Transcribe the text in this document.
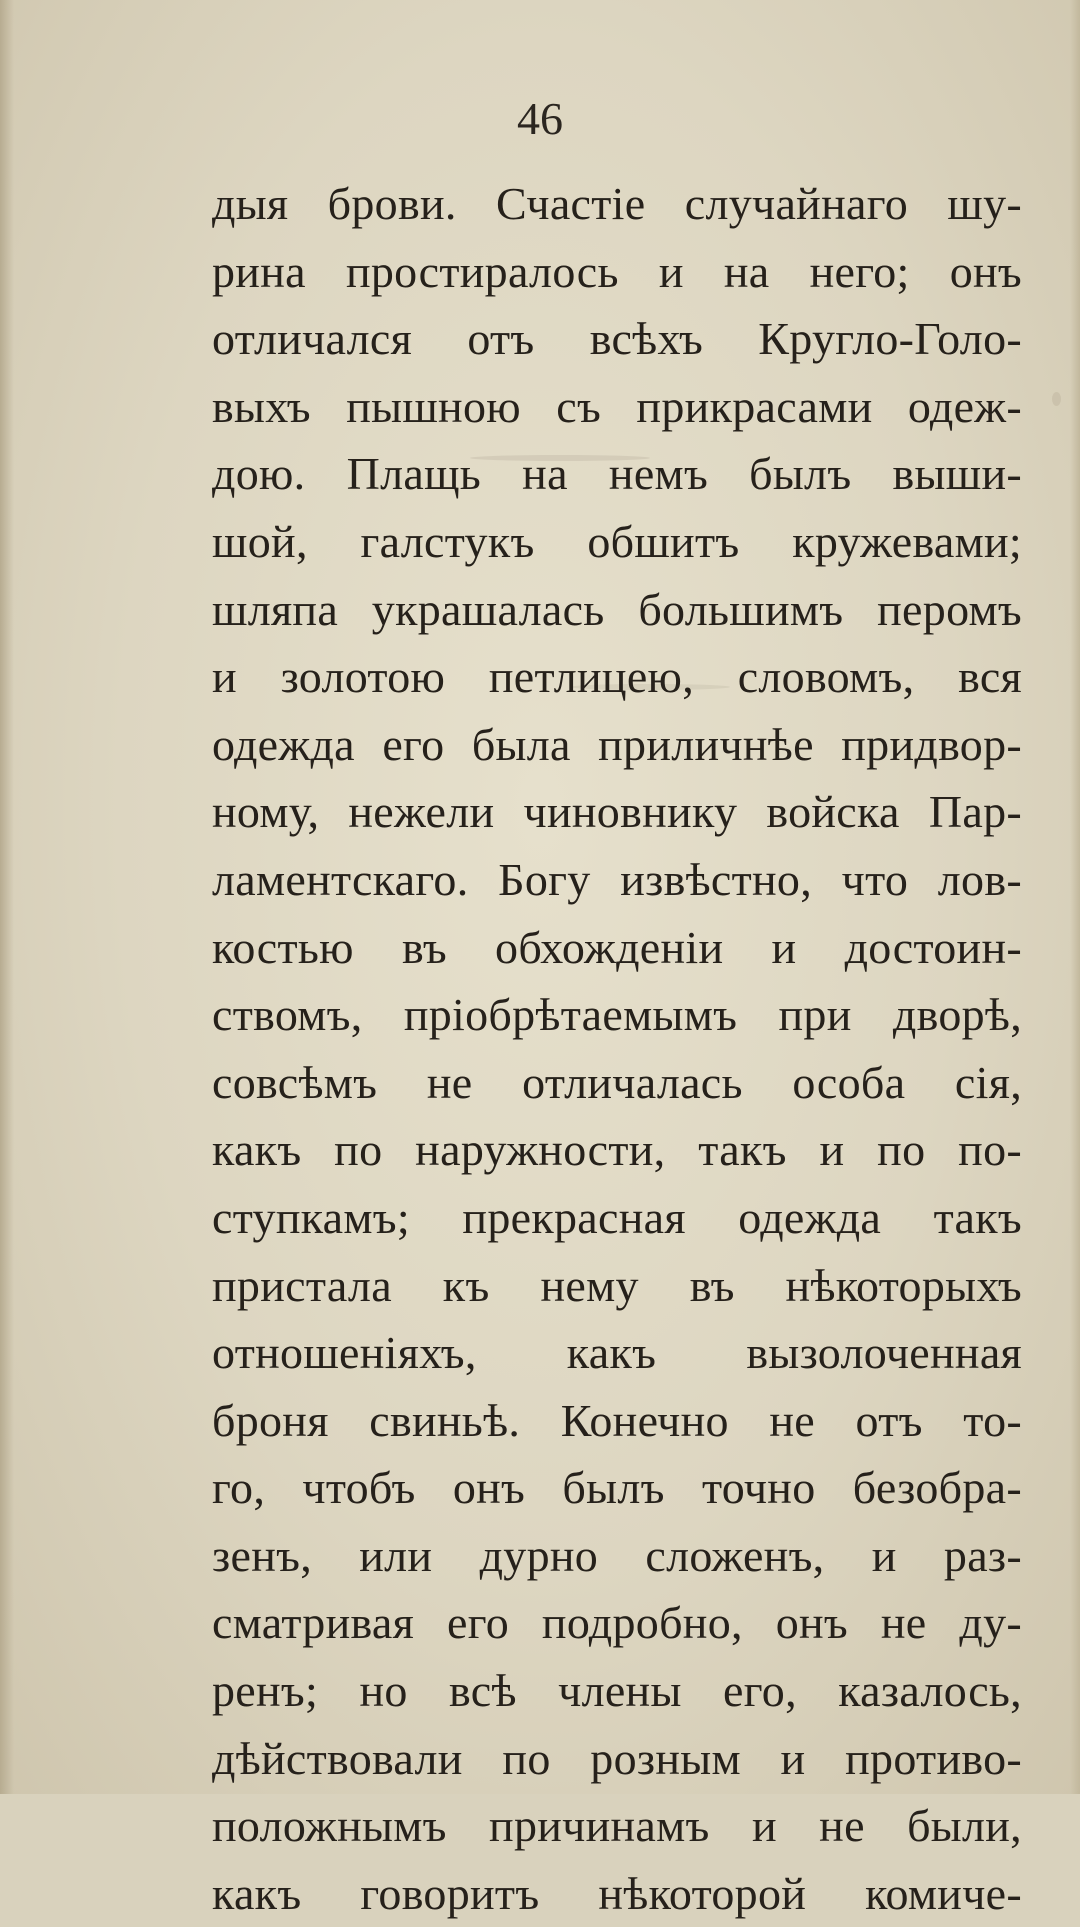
46
дыя брови. Счастіе случайнаго шу-
рина простиралось и на него; онъ
отличался отъ всѣхъ Кругло-Голо-
выхъ пышною съ прикрасами одеж-
дою. Плащь на немъ былъ выши-
шой, галстукъ обшитъ кружевами;
шляпа украшалась большимъ перомъ
и золотою петлицею, словомъ, вся
одежда его была приличнѣе придвор-
ному, нежели чиновнику войска Пар-
ламентскаго. Богу извѣстно, что лов-
костью въ обхожденіи и достоин-
ствомъ, пріобрѣтаемымъ при дворѣ,
совсѣмъ не отличалась особа сія,
какъ по наружности, такъ и по по-
ступкамъ; прекрасная одежда такъ
пристала къ нему въ нѣкоторыхъ
отношеніяхъ, какъ вызолоченная
броня свиньѣ. Конечно не отъ то-
го, чтобъ онъ былъ точно безобра-
зенъ, или дурно сложенъ, и раз-
сматривая его подробно, онъ не ду-
ренъ; но всѣ члены его, казалось,
дѣйствовали по розным и противо-
положнымъ причинамъ и не были,
какъ говоритъ нѣкоторой комиче-
